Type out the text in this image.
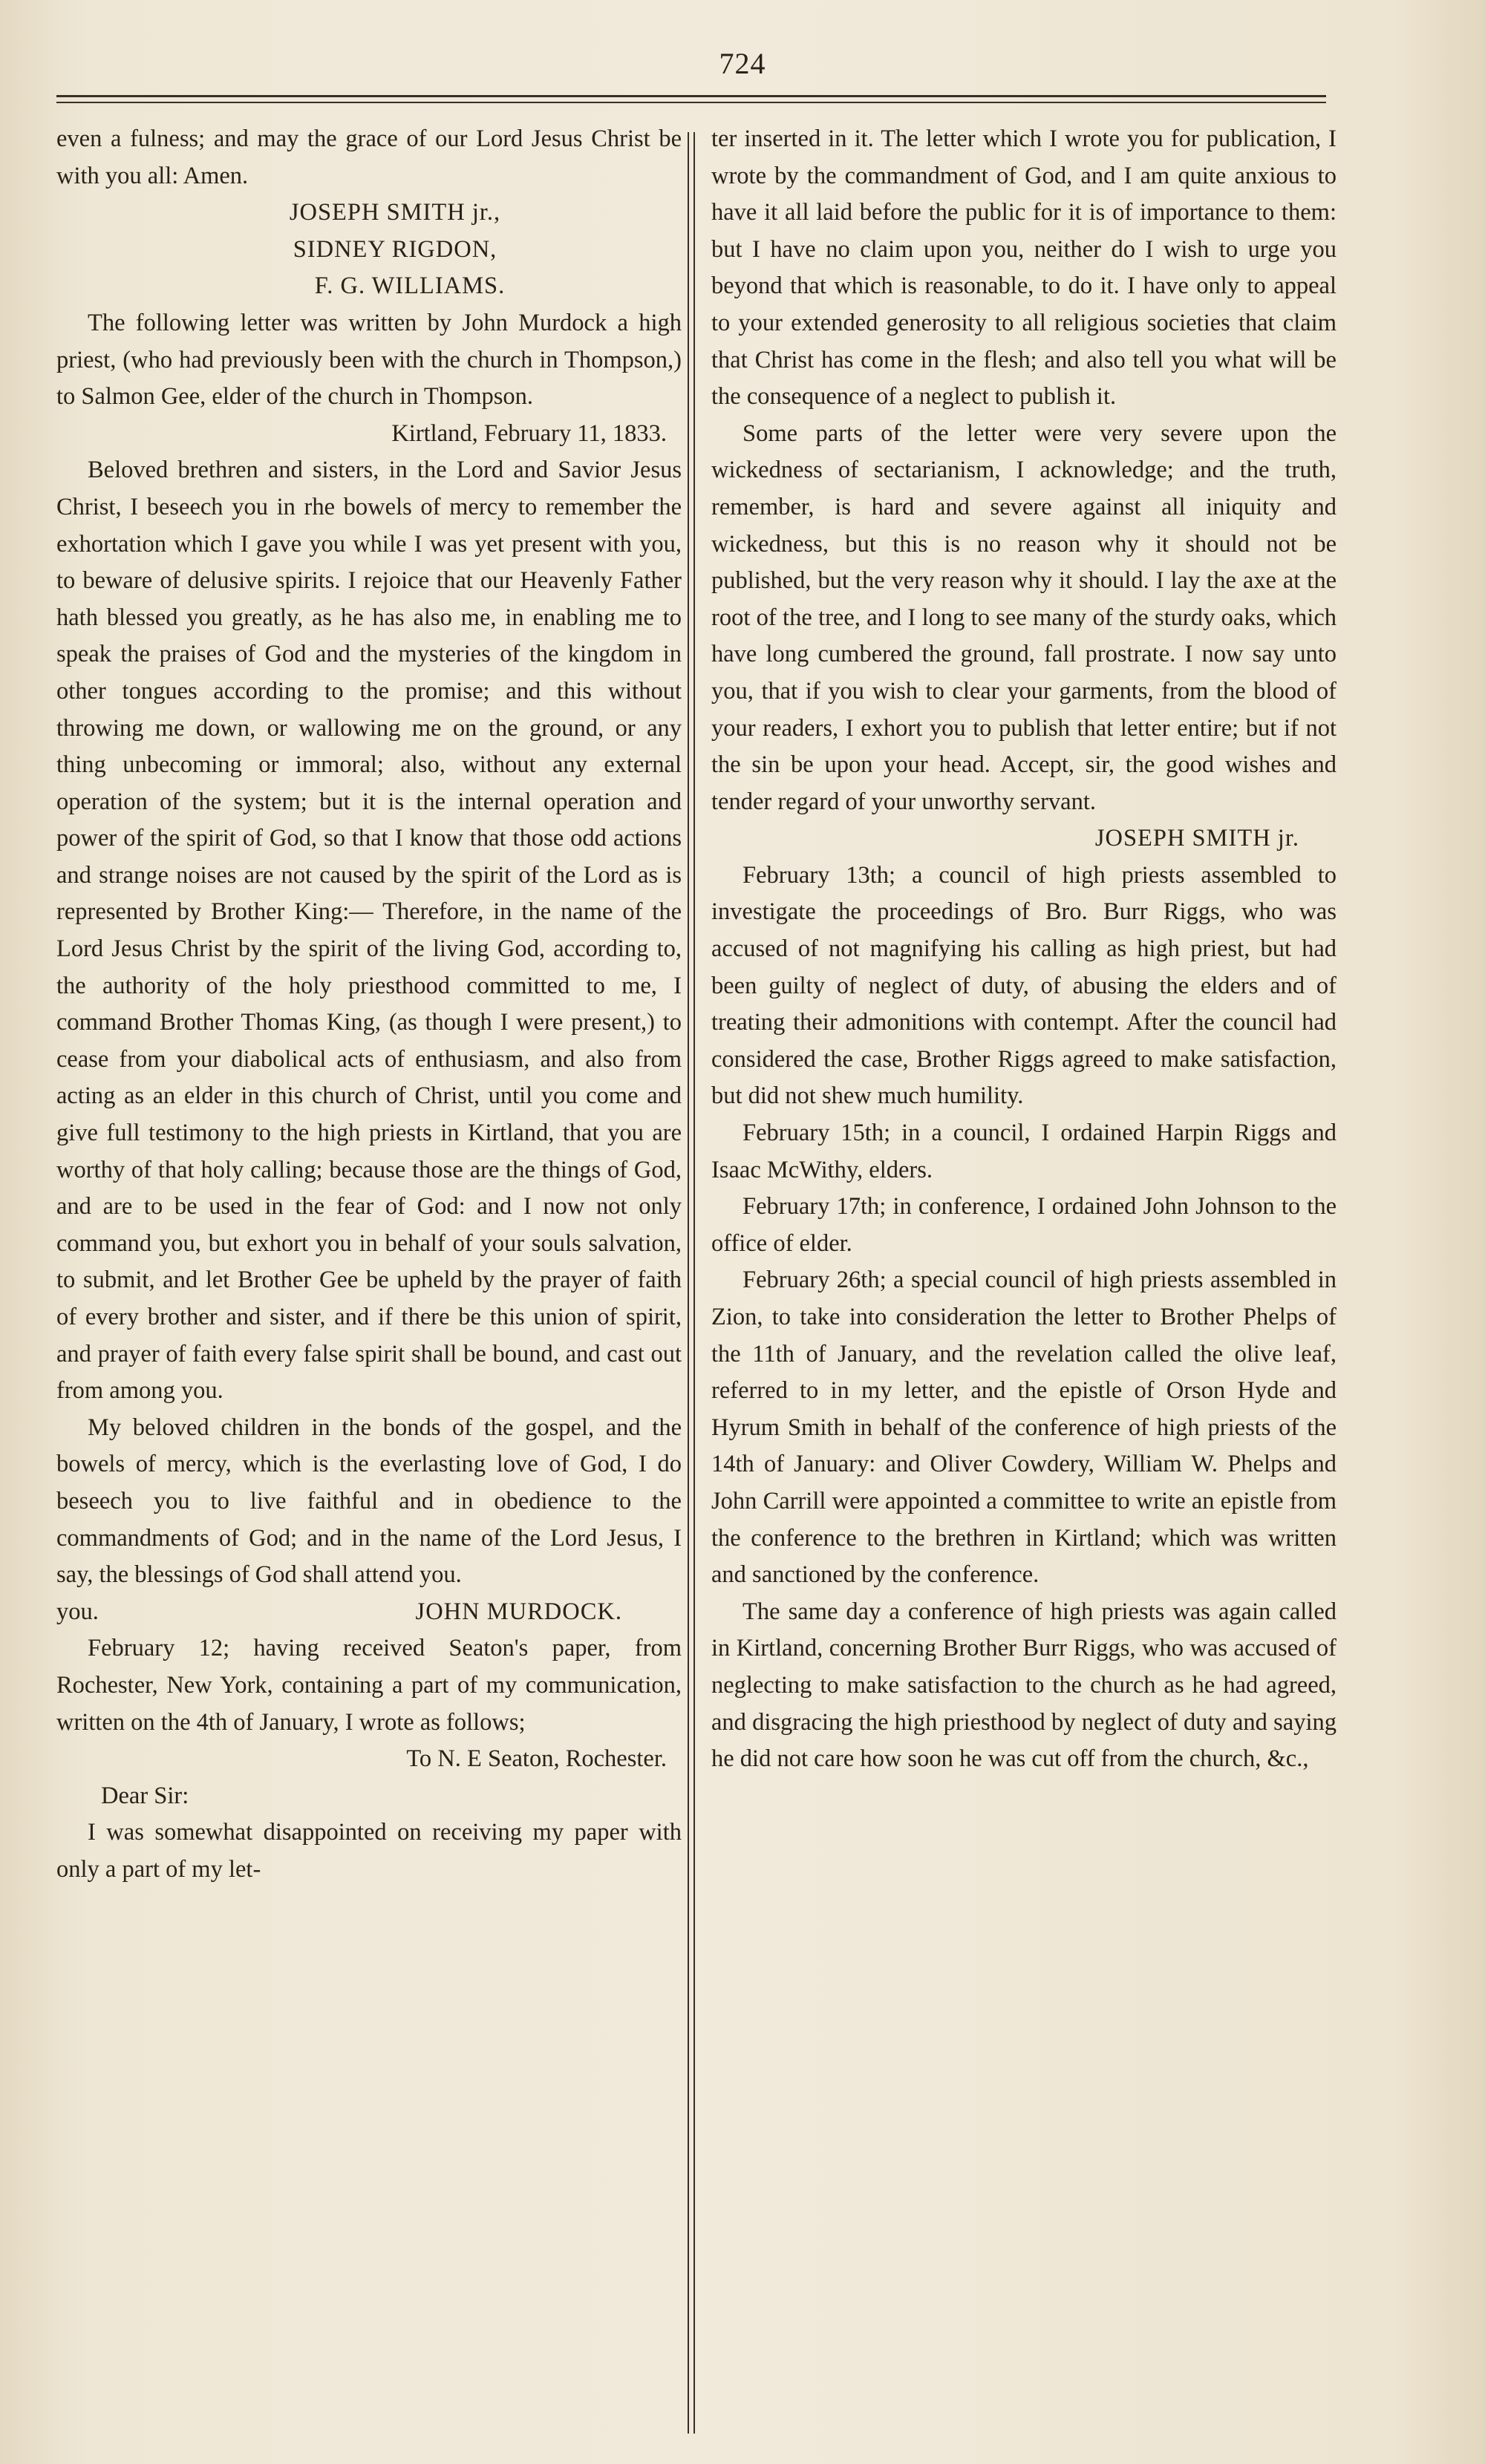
724

even a fulness; and may the grace of our Lord Jesus Christ be with you all: Amen.

JOSEPH SMITH jr.,

SIDNEY RIGDON,

F. G. WILLIAMS.

The following letter was written by John Murdock a high priest, (who had previously been with the church in Thompson,) to Salmon Gee, elder of the church in Thompson.

Kirtland, February 11, 1833.

Beloved brethren and sisters, in the Lord and Savior Jesus Christ, I beseech you in rhe bowels of mercy to remember the exhortation which I gave you while I was yet present with you, to beware of delusive spirits. I rejoice that our Heavenly Father hath blessed you greatly, as he has also me, in enabling me to speak the praises of God and the mysteries of the kingdom in other tongues according to the promise; and this without throwing me down, or wallowing me on the ground, or any thing unbecoming or immoral; also, without any external operation of the system; but it is the internal operation and power of the spirit of God, so that I know that those odd actions and strange noises are not caused by the spirit of the Lord as is represented by Brother King:— Therefore, in the name of the Lord Jesus Christ by the spirit of the living God, according to, the authority of the holy priesthood committed to me, I command Brother Thomas King, (as though I were present,) to cease from your diabolical acts of enthusiasm, and also from acting as an elder in this church of Christ, until you come and give full testimony to the high priests in Kirtland, that you are worthy of that holy calling; because those are the things of God, and are to be used in the fear of God: and I now not only command you, but exhort you in behalf of your souls salvation, to submit, and let Brother Gee be upheld by the prayer of faith of every brother and sister, and if there be this union of spirit, and prayer of faith every false spirit shall be bound, and cast out from among you.

My beloved children in the bonds of the gospel, and the bowels of mercy, which is the everlasting love of God, I do beseech you to live faithful and in obedience to the commandments of God; and in the name of the Lord Jesus, I say, the blessings of God shall attend you.

you.	JOHN MURDOCK.

February 12; having received Seaton's paper, from Rochester, New York, containing a part of my communication, written on the 4th of January, I wrote as follows;

To N. E Seaton, Rochester.

Dear Sir:

I was somewhat disappointed on receiving my paper with only a part of my let-

ter inserted in it. The letter which I wrote you for publication, I wrote by the commandment of God, and I am quite anxious to have it all laid before the public for it is of importance to them: but I have no claim upon you, neither do I wish to urge you beyond that which is reasonable, to do it. I have only to appeal to your extended generosity to all religious societies that claim that Christ has come in the flesh; and also tell you what will be the consequence of a neglect to publish it.

Some parts of the letter were very severe upon the wickedness of sectarianism, I acknowledge; and the truth, remember, is hard and severe against all iniquity and wickedness, but this is no reason why it should not be published, but the very reason why it should. I lay the axe at the root of the tree, and I long to see many of the sturdy oaks, which have long cumbered the ground, fall prostrate. I now say unto you, that if you wish to clear your garments, from the blood of your readers, I exhort you to publish that letter entire; but if not the sin be upon your head. Accept, sir, the good wishes and tender regard of your unworthy servant.

JOSEPH SMITH jr.

February 13th; a council of high priests assembled to investigate the proceedings of Bro. Burr Riggs, who was accused of not magnifying his calling as high priest, but had been guilty of neglect of duty, of abusing the elders and of treating their admonitions with contempt. After the council had considered the case, Brother Riggs agreed to make satisfaction, but did not shew much humility.

February 15th; in a council, I ordained Harpin Riggs and Isaac McWithy, elders.

February 17th; in conference, I ordained John Johnson to the office of elder.

February 26th; a special council of high priests assembled in Zion, to take into consideration the letter to Brother Phelps of the 11th of January, and the revelation called the olive leaf, referred to in my letter, and the epistle of Orson Hyde and Hyrum Smith in behalf of the conference of high priests of the 14th of January: and Oliver Cowdery, William W. Phelps and John Carrill were appointed a committee to write an epistle from the conference to the brethren in Kirtland; which was written and sanctioned by the conference.

The same day a conference of high priests was again called in Kirtland, concerning Brother Burr Riggs, who was accused of neglecting to make satisfaction to the church as he had agreed, and disgracing the high priesthood by neglect of duty and saying he did not care how soon he was cut off from the church, &c.,
